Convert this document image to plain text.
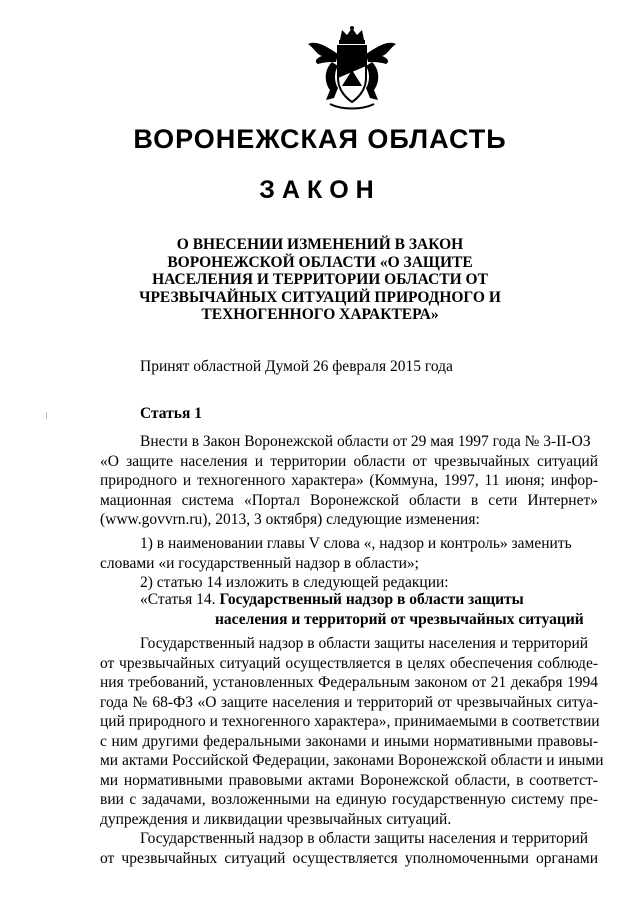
ВОРОНЕЖСКАЯ ОБЛАСТЬ
ЗАКОН
О ВНЕСЕНИИ ИЗМЕНЕНИЙ В ЗАКОН
ВОРОНЕЖСКОЙ ОБЛАСТИ «О ЗАЩИТЕ
НАСЕЛЕНИЯ И ТЕРРИТОРИИ ОБЛАСТИ ОТ
ЧРЕЗВЫЧАЙНЫХ СИТУАЦИЙ ПРИРОДНОГО И
ТЕХНОГЕННОГО ХАРАКТЕРА»
Принят областной Думой 26 февраля 2015 года
Статья 1
Внести в Закон Воронежской области от 29 мая 1997 года № 3-II-ОЗ
«О защите населения и территории области от чрезвычайных ситуаций
природного и техногенного характера» (Коммуна, 1997, 11 июня; инфор-
мационная система «Портал Воронежской области в сети Интернет»
(www.govvrn.ru), 2013, 3 октября) следующие изменения:
1) в наименовании главы V слова «, надзор и контроль» заменить
словами «и государственный надзор в области»;
2) статью 14 изложить в следующей редакции:
«Статья 14. Государственный надзор в области защиты
населения и территорий от чрезвычайных ситуаций
Государственный надзор в области защиты населения и территорий
от чрезвычайных ситуаций осуществляется в целях обеспечения соблюде-
ния требований, установленных Федеральным законом от 21 декабря 1994
года № 68-ФЗ «О защите населения и территорий от чрезвычайных ситуа-
ций природного и техногенного характера», принимаемыми в соответствии
с ним другими федеральными законами и иными нормативными правовы-
ми актами Российской Федерации, законами Воронежской области и иными
ми нормативными правовыми актами Воронежской области, в соответст-
вии с задачами, возложенными на единую государственную систему пре-
дупреждения и ликвидации чрезвычайных ситуаций.
Государственный надзор в области защиты населения и территорий
от чрезвычайных ситуаций осуществляется уполномоченными органами
